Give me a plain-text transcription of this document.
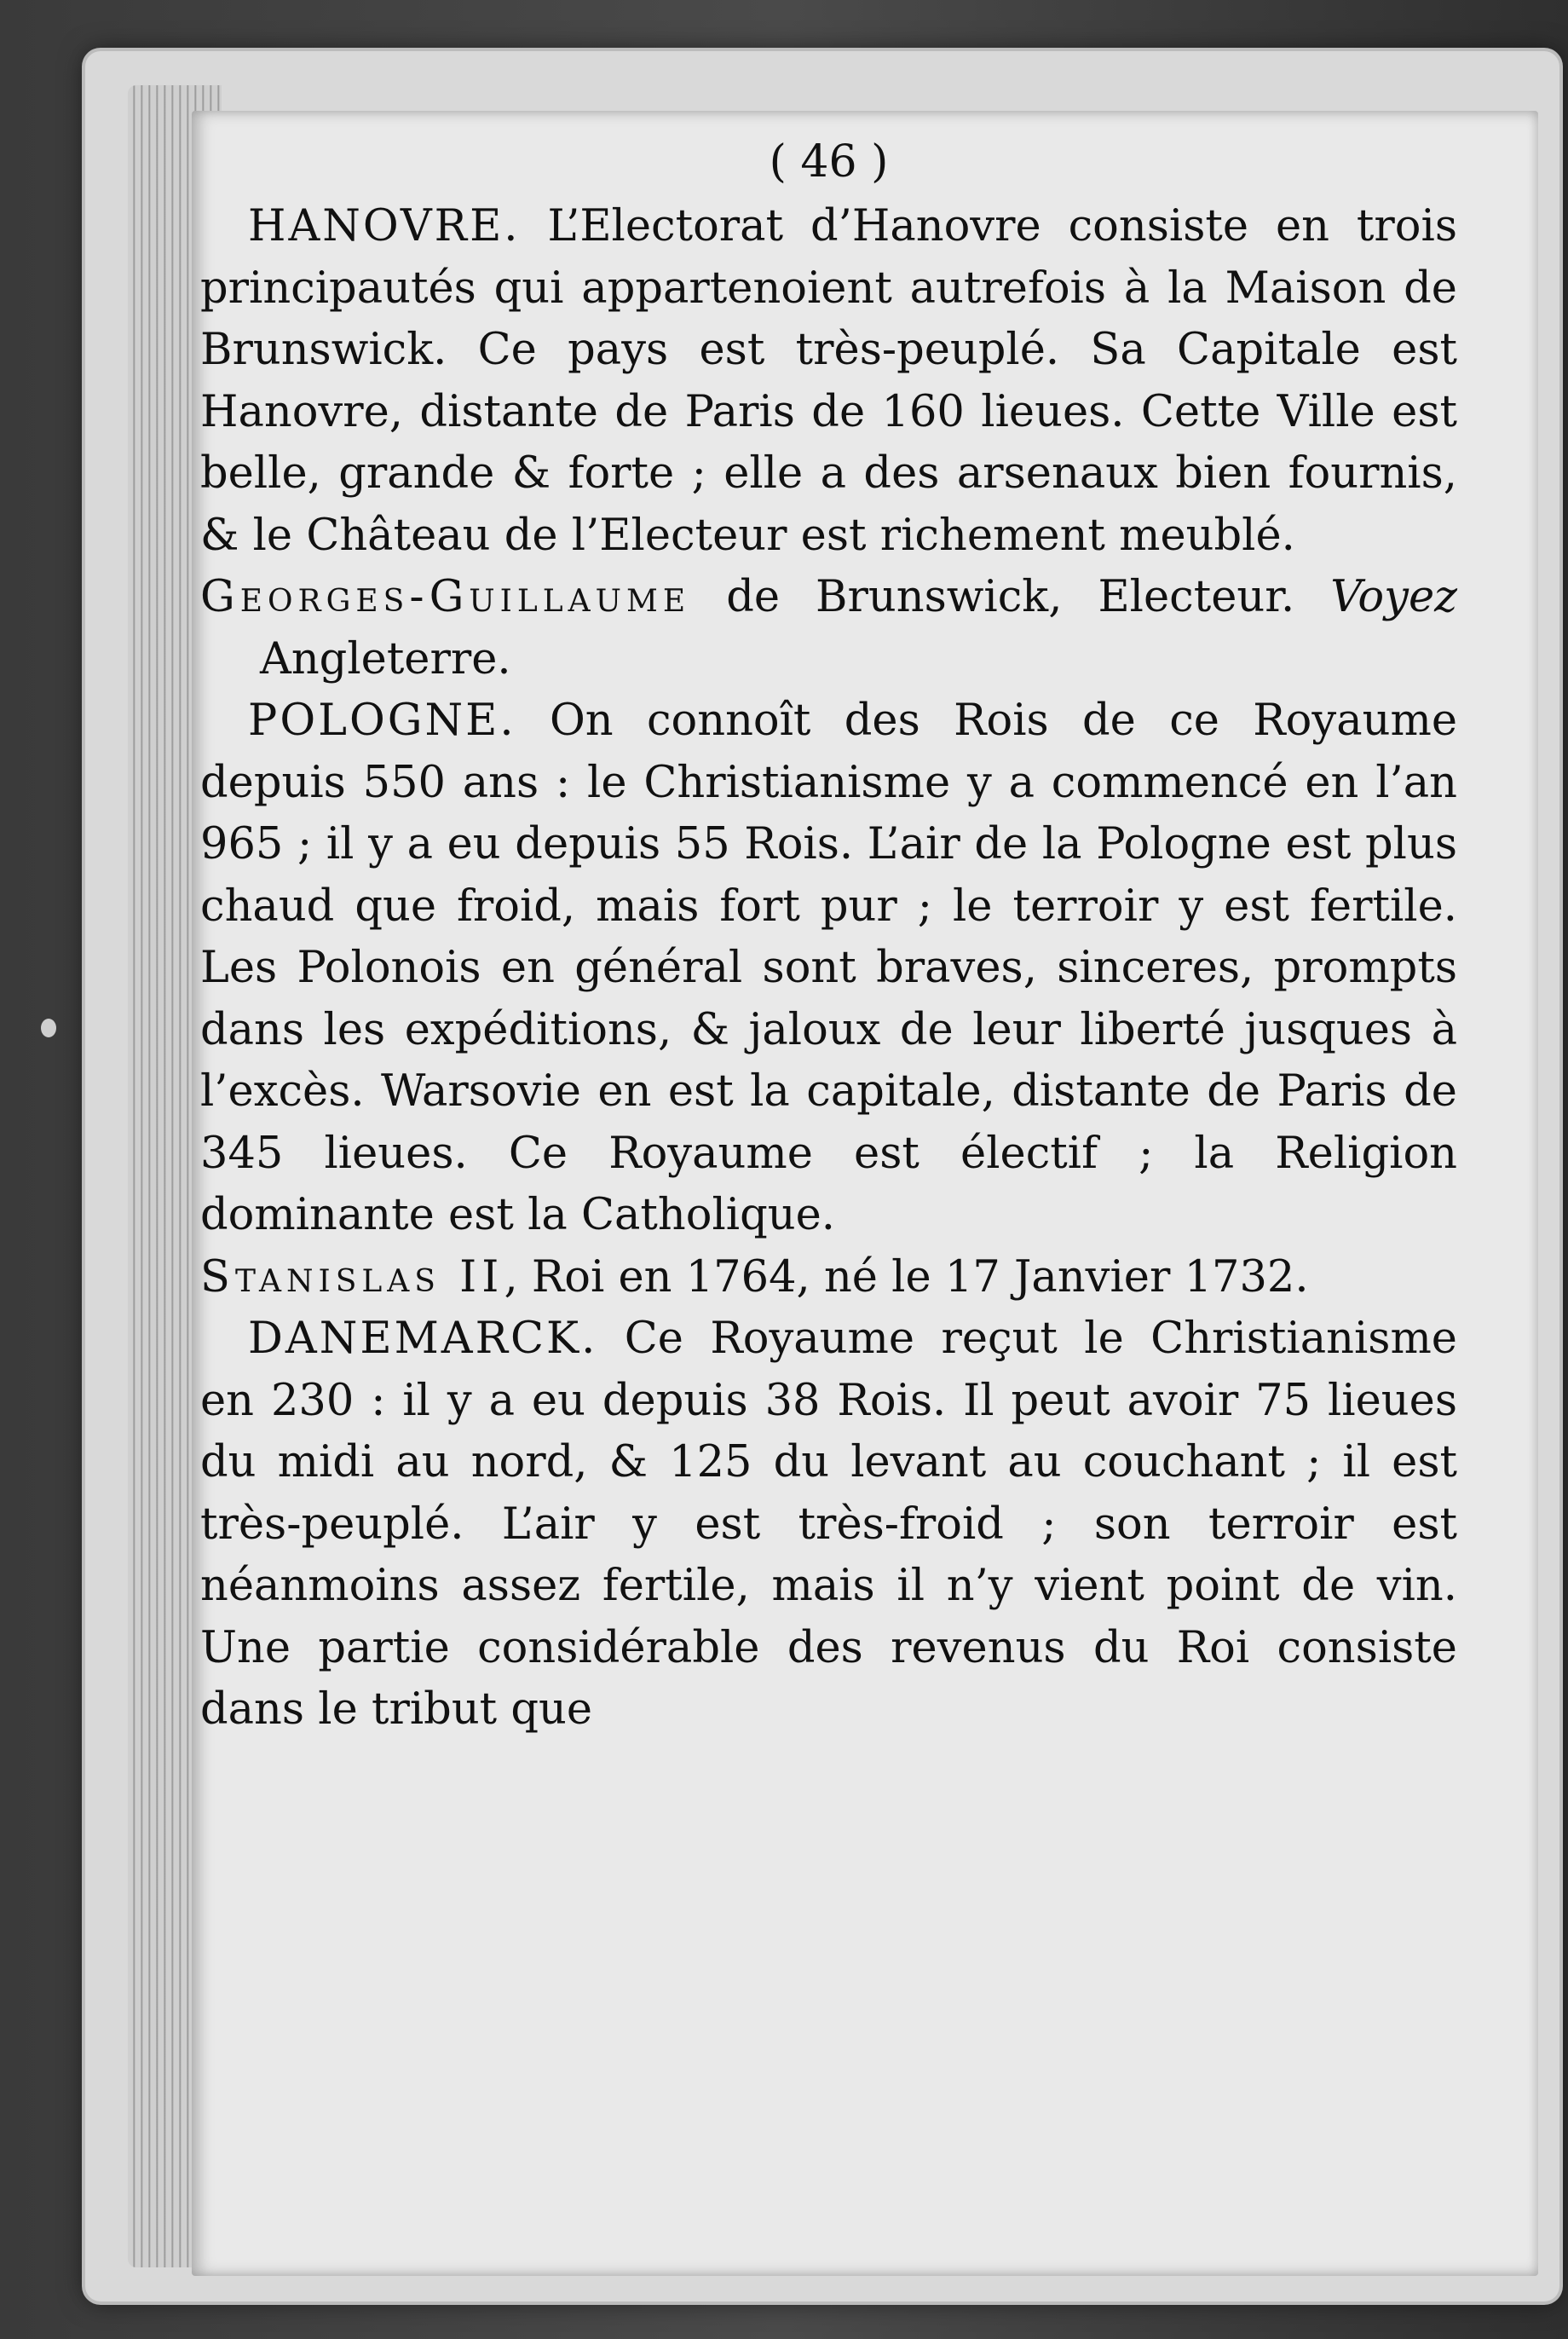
( 46 )

HANOVRE. L’Electorat d’Hanovre consiste en trois principautés qui appartenoient autrefois à la Maison de Brunswick. Ce pays est très-peuplé. Sa Capitale est Hanovre, distante de Paris de 160 lieues. Cette Ville est belle, grande & forte ; elle a des arsenaux bien fournis, & le Château de l’Electeur est richement meublé.

Georges-Guillaume de Brunswick, Electeur. Voyez Angleterre.

POLOGNE. On connoît des Rois de ce Royaume depuis 550 ans : le Christianisme y a commencé en l’an 965 ; il y a eu depuis 55 Rois. L’air de la Pologne est plus chaud que froid, mais fort pur ; le terroir y est fertile. Les Polonois en général sont braves, sinceres, prompts dans les expéditions, & jaloux de leur liberté jusques à l’excès. Warsovie en est la capitale, distante de Paris de 345 lieues. Ce Royaume est électif ; la Religion dominante est la Catholique.

Stanislas II, Roi en 1764, né le 17 Janvier 1732.

DANEMARCK. Ce Royaume reçut le Christianisme en 230 : il y a eu depuis 38 Rois. Il peut avoir 75 lieues du midi au nord, & 125 du levant au couchant ; il est très-peuplé. L’air y est très-froid ; son terroir est néanmoins assez fertile, mais il n’y vient point de vin. Une partie considérable des revenus du Roi consiste dans le tribut que
